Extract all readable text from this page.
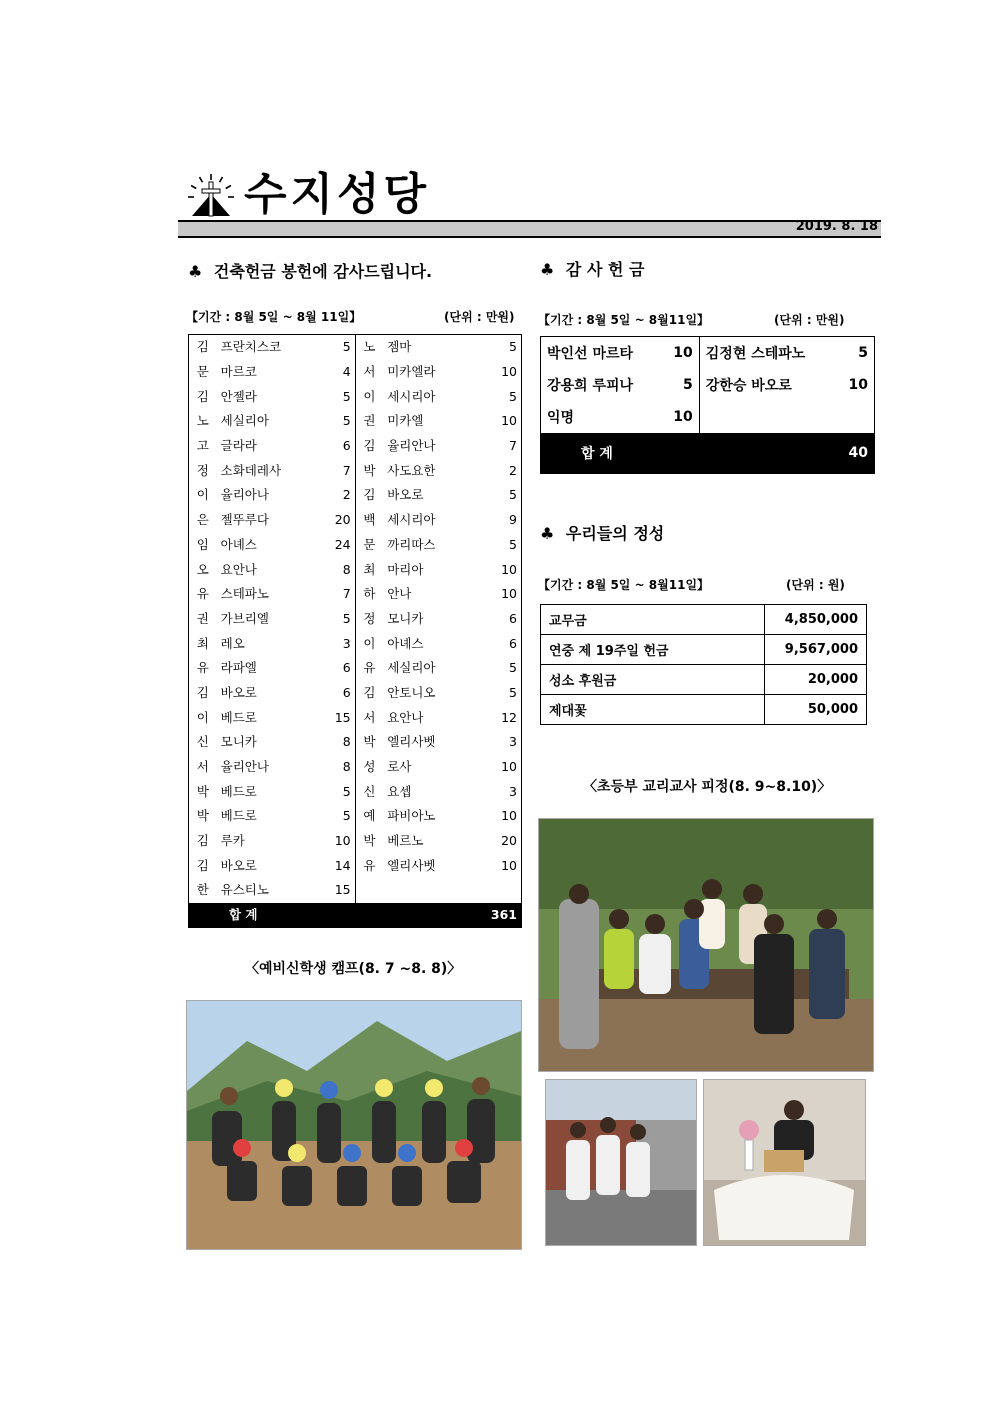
수지성당
2019. 8. 18
♣ 건축헌금 봉헌에 감사드립니다.
【기간 : 8월 5일 ~ 8월 11일】	(단위 : 만원)
김	프란치스코	5	노	젬마	5
문	마르코	4	서	미카엘라	10
김	안젤라	5	이	세시리아	5
노	세실리아	5	권	미카엘	10
고	글라라	6	김	율리안나	7
정	소화데레사	7	박	사도요한	2
이	율리아나	2	김	바오로	5
은	젤뚜루다	20	백	세시리아	9
임	아녜스	24	문	까리따스	5
오	요안나	8	최	마리아	10
유	스테파노	7	하	안나	10
권	가브리엘	5	정	모니카	6
최	레오	3	이	아녜스	6
유	라파엘	6	유	세실리아	5
김	바오로	6	김	안토니오	5
이	베드로	15	서	요안나	12
신	모니카	8	박	엘리사벳	3
서	율리안나	8	성	로사	10
박	베드로	5	신	요셉	3
박	베드로	5	예	파비아노	10
김	루카	10	박	베르노	20
김	바오로	14	유	엘리사벳	10
한	유스티노	15			
합 계					361
♣ 감 사 헌 금
【기간 : 8월 5일 ~ 8월11일】	(단위 : 만원)
박인선 마르타	10	김정현 스테파노	5
강용희 루피나	5	강한승 바오로	10
익명	10		
합 계			40
♣ 우리들의 정성
【기간 : 8월 5일 ~ 8월11일】	(단위 : 원)
교무금	4,850,000
연중 제 19주일 헌금	9,567,000
성소 후원금	20,000
제대꽃	50,000
〈예비신학생 캠프(8. 7 ~8. 8)〉
〈초등부 교리교사 피정(8. 9~8.10)〉
